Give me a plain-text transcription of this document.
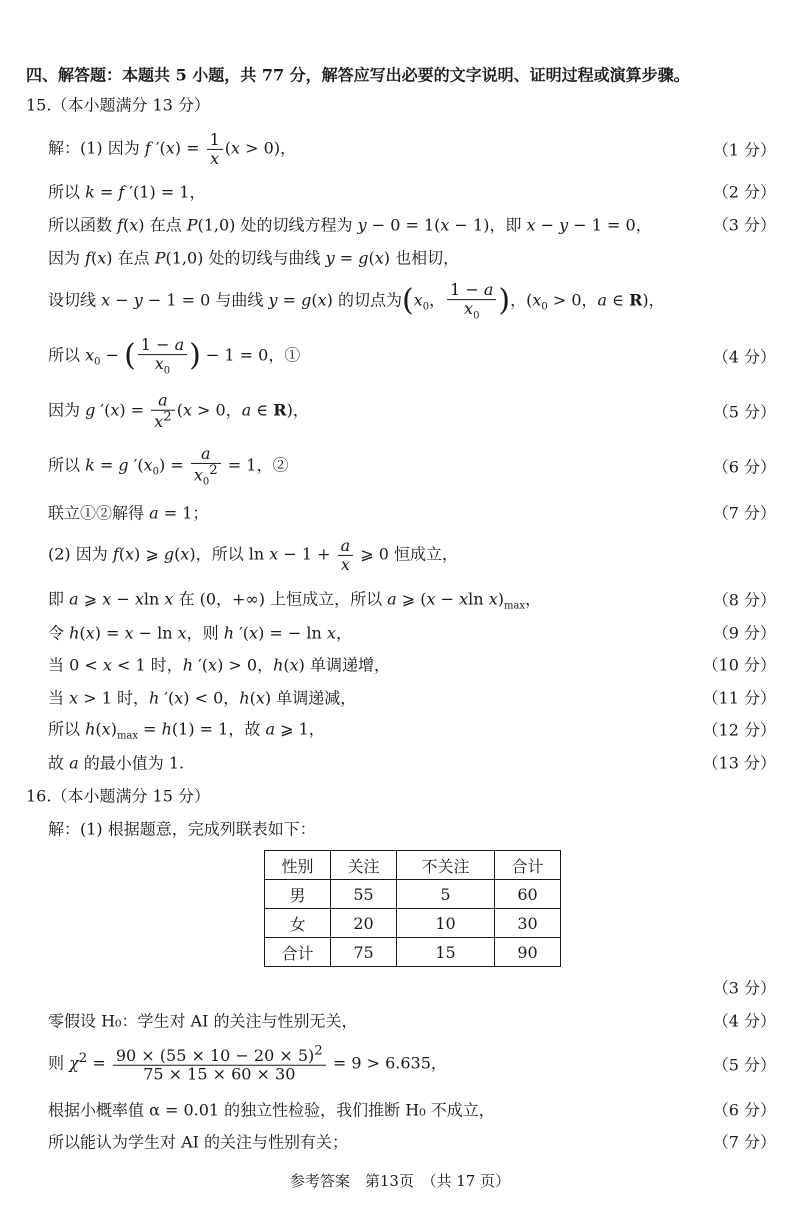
四、解答题：本题共 5 小题，共 77 分，解答应写出必要的文字说明、证明过程或演算步骤。
15.（本小题满分 13 分）
解：(1) 因为 f $'(x) = \frac{1}{x} (x > 0)$，	（1 分）
所以 k = f ′(1) = 1，	（2 分）
所以函数 f(x) 在点 P(1,0) 处的切线方程为 y − 0 = 1(x − 1)，即 x − y − 1 = 0，	（3 分）
因为 f(x) 在点 P(1,0) 处的切线与曲线 y = g(x) 也相切，
设切线 x − y − 1 = 0 与曲线 y = g(x) 的切点为($x_0$， $\frac{1 - a}{x_0}$ )，($x_0 > 0$，a ∈ R)，
所以 $x_0$ − ( $\frac{1 - a}{x_0}$ ) − 1 = 0，①	（4 分）
因为 g $'(x) = \frac{a}{x^2} (x > 0$，a ∈ R)，	（5 分）
所以 k = g $'(x_0) = \frac{a}{x_0^2} = 1$，②	（6 分）
联立①②解得 a = 1；	（7 分）
(2) 因为 f(x) ⩾ g(x)，所以 $\ln x - 1 + \frac{a}{x}$ ⩾ 0 恒成立，
即 a ⩾ x − xln x 在 (0，+∞) 上恒成立，所以 a ⩾ (x − xln $x)_{max}$，	（8 分）
令 h(x) = x − ln x，则 h ′(x) = − ln x，	（9 分）
当 0 < x < 1 时，h ′(x) > 0，h(x) 单调递增，	（10 分）
当 x > 1 时，h ′(x) < 0，h(x) 单调递减，	（11 分）
所以 $h(x)_{max} = h(1) = 1$，故 a ⩾ 1，	（12 分）
故 a 的最小值为 1.	（13 分）
16.（本小题满分 15 分）
解：(1) 根据题意，完成列联表如下：
性别	关注	不关注	合计
男	55	5	60
女	20	10	30
合计	75	15	90
（3 分）
零假设 H₀：学生对 AI 的关注与性别无关，	（4 分）
则 $\chi^2 = \frac{90 \times (55 \times 10 - 20 \times 5)^2}{75 \times 15 \times 60 \times 30} = 9 > 6.635$，	（5 分）
根据小概率值 α = 0.01 的独立性检验，我们推断 H₀ 不成立，	（6 分）
所以能认为学生对 AI 的关注与性别有关；	（7 分）
参考答案　第13页　（共 17 页）
